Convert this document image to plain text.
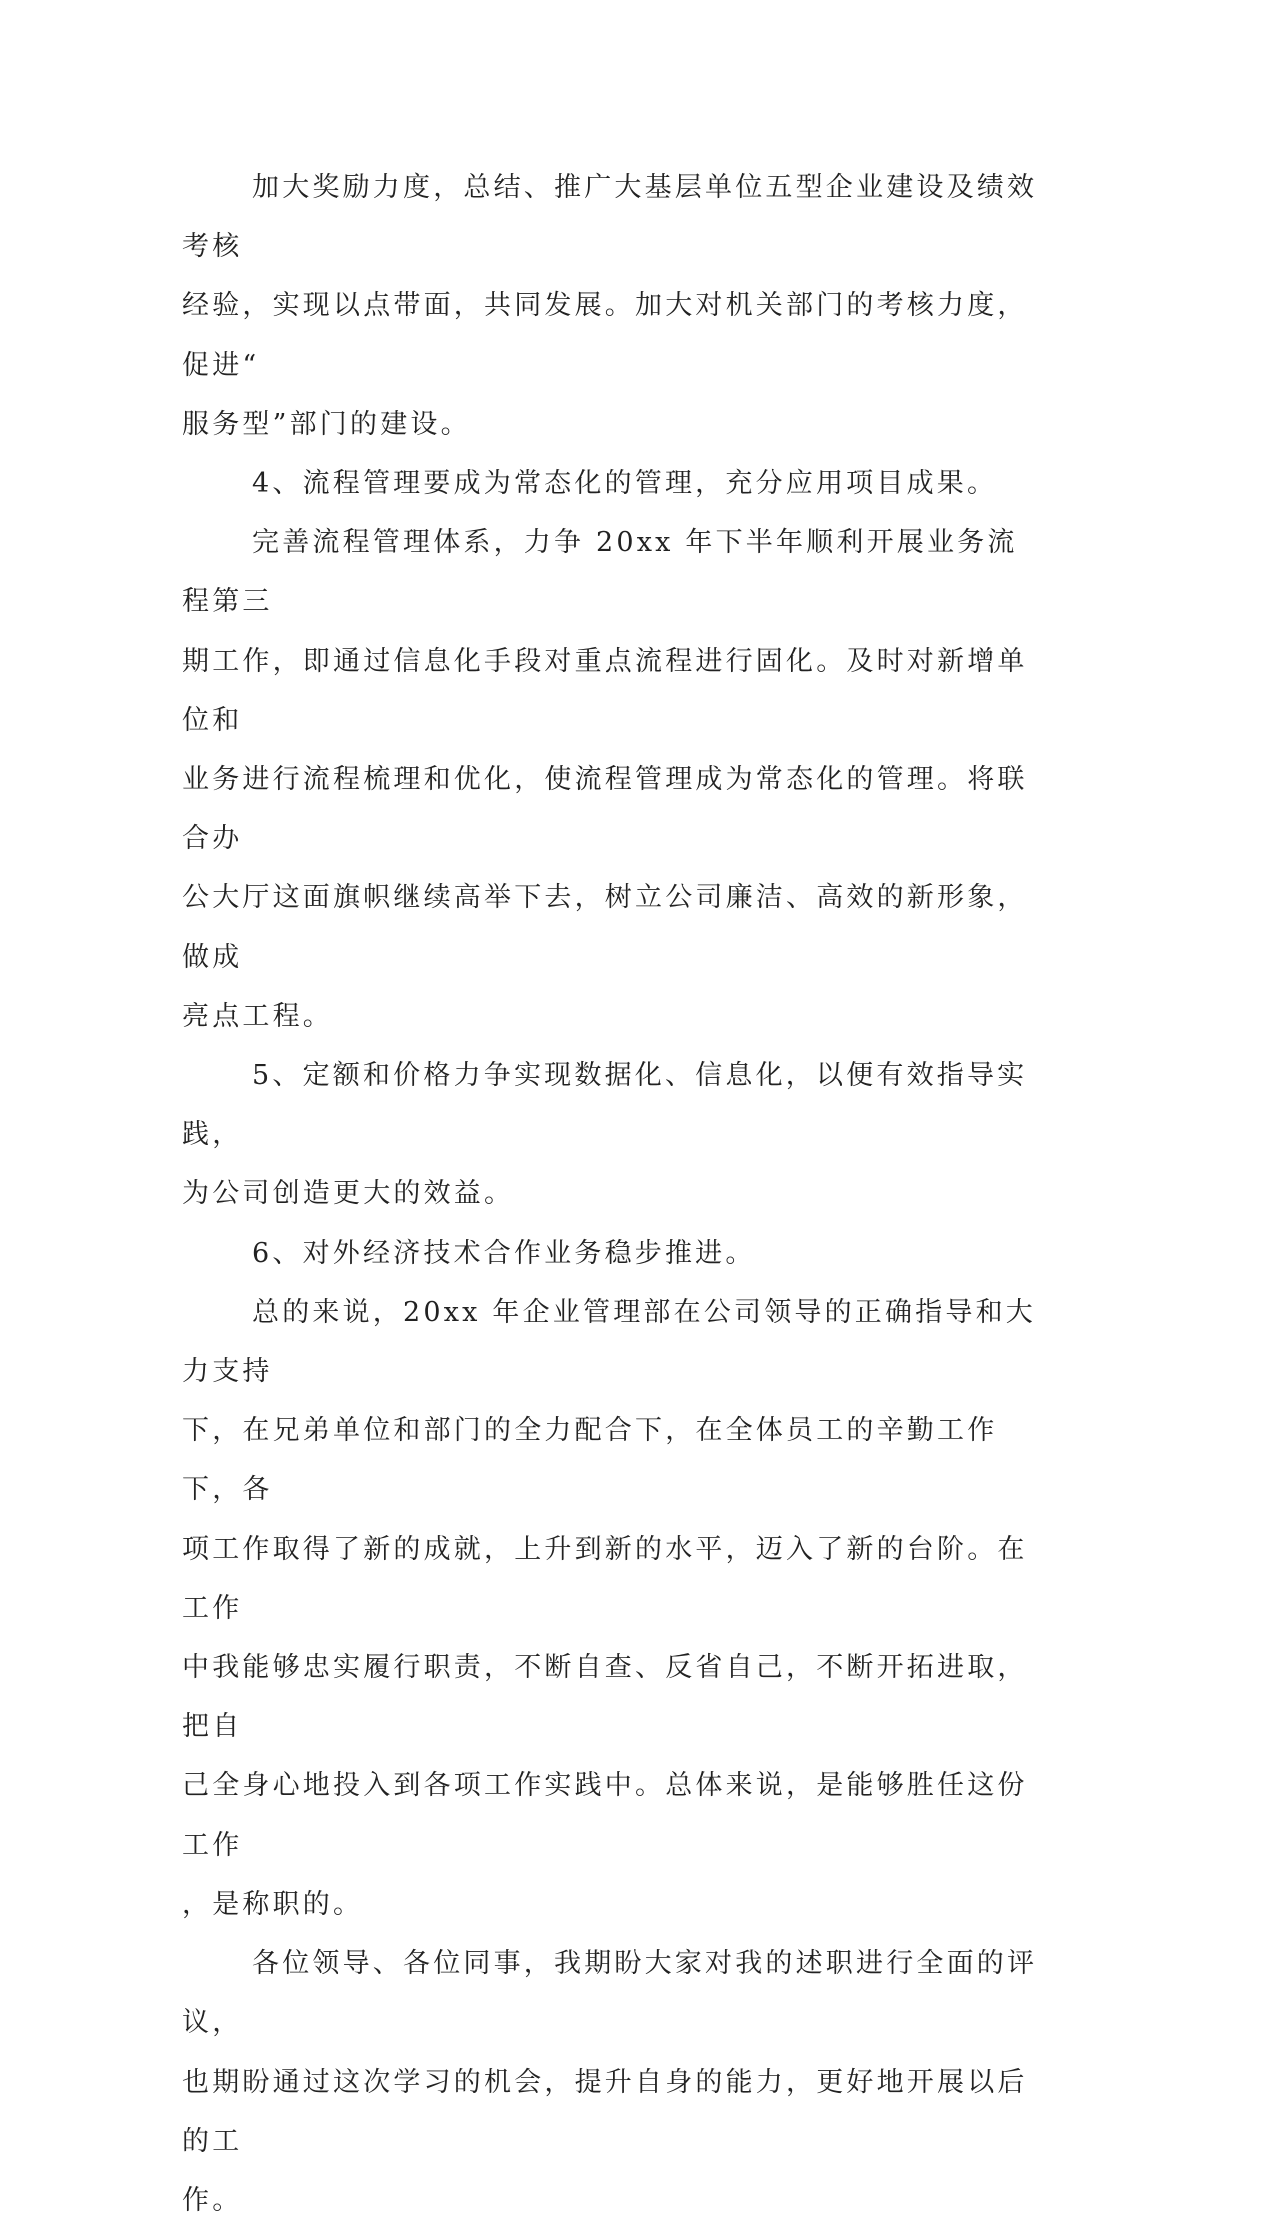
加大奖励力度，总结、推广大基层单位五型企业建设及绩效考核
经验，实现以点带面，共同发展。加大对机关部门的考核力度，促进“
服务型”部门的建设。

4、流程管理要成为常态化的管理，充分应用项目成果。

完善流程管理体系，力争 20xx 年下半年顺利开展业务流程第三
期工作，即通过信息化手段对重点流程进行固化。及时对新增单位和
业务进行流程梳理和优化，使流程管理成为常态化的管理。将联合办
公大厅这面旗帜继续高举下去，树立公司廉洁、高效的新形象，做成
亮点工程。

5、定额和价格力争实现数据化、信息化，以便有效指导实践，
为公司创造更大的效益。

6、对外经济技术合作业务稳步推进。

总的来说，20xx 年企业管理部在公司领导的正确指导和大力支持
下，在兄弟单位和部门的全力配合下，在全体员工的辛勤工作下，各
项工作取得了新的成就，上升到新的水平，迈入了新的台阶。在工作
中我能够忠实履行职责，不断自查、反省自己，不断开拓进取，把自
己全身心地投入到各项工作实践中。总体来说，是能够胜任这份工作
，是称职的。

各位领导、各位同事，我期盼大家对我的述职进行全面的评议，
也期盼通过这次学习的机会，提升自身的能力，更好地开展以后的工
作。
